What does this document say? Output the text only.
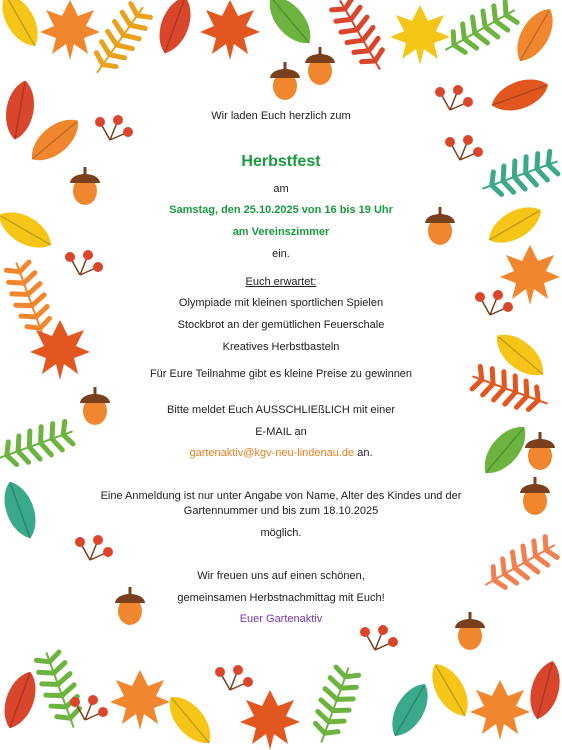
Wir laden Euch herzlich zum
Herbstfest
am
Samstag, den 25.10.2025 von 16 bis 19 Uhr
am Vereinszimmer
ein.
Euch erwartet:
Olympiade mit kleinen sportlichen Spielen
Stockbrot an der gemütlichen Feuerschale
Kreatives Herbstbasteln
Für Eure Teilnahme gibt es kleine Preise zu gewinnen
Bitte meldet Euch AUSSCHLIEßLICH mit einer
E-MAIL an
gartenaktiv@kgv-neu-lindenau.de an.
Eine Anmeldung ist nur unter Angabe von Name, Alter des Kindes und der
Gartennummer und bis zum 18.10.2025
möglich.
Wir freuen uns auf einen schönen,
gemeinsamen Herbstnachmittag mit Euch!
Euer Gartenaktiv
